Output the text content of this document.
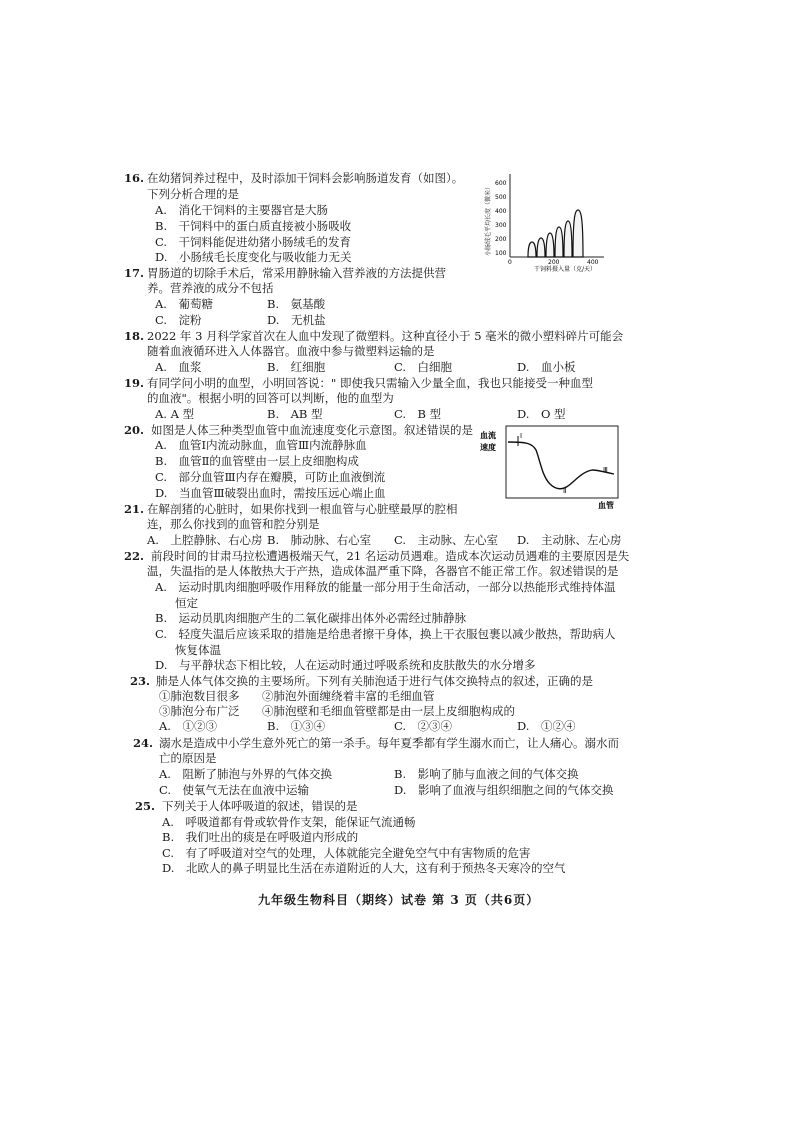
16. 在幼猪饲养过程中，及时添加干饲料会影响肠道发育（如图）。
下列分析合理的是
A.　消化干饲料的主要器官是大肠
B.　干饲料中的蛋白质直接被小肠吸收
C.　干饲料能促进幼猪小肠绒毛的发育
D.　小肠绒毛长度变化与吸收能力无关
小肠绒毛平均长度（微米）
600
500
400
300
200
100
0	200	400
干饲料摄入量（克/天）
17. 胃肠道的切除手术后，常采用静脉输入营养液的方法提供营
养。营养液的成分不包括
A.　葡萄糖	B.　氨基酸
C.　淀粉	D.　无机盐
18. 2022 年 3 月科学家首次在人血中发现了微塑料。这种直径小于 5 毫米的微小塑料碎片可能会
随着血液循环进入人体器官。血液中参与微塑料运输的是
A.　血浆	B.　红细胞	C.　白细胞	D.　血小板
19. 有同学问小明的血型，小明回答说：" 即使我只需输入少量全血，我也只能接受一种血型
的血液"。根据小明的回答可以判断，他的血型为
A. A 型	B.　AB 型	C.　B 型	D.　O 型
20. 如图是人体三种类型血管中血流速度变化示意图。叙述错误的是
A.　血管Ⅰ内流动脉血，血管Ⅲ内流静脉血
B.　血管Ⅱ的血管壁由一层上皮细胞构成
C.　部分血管Ⅲ内存在瓣膜，可防止血液倒流
D.　当血管Ⅲ破裂出血时，需按压远心端止血
血流
速度
Ⅰ
Ⅱ
Ⅲ
血管
21. 在解剖猪的心脏时，如果你找到一根血管与心脏壁最厚的腔相
连，那么你找到的血管和腔分别是
A.　上腔静脉、右心房 B.　肺动脉、右心室 C.　主动脉、左心室 D.　主动脉、左心房
22. 前段时间的甘肃马拉松遭遇极端天气，21 名运动员遇难。造成本次运动员遇难的主要原因是失
温，失温指的是人体散热大于产热，造成体温严重下降，各器官不能正常工作。叙述错误的是
A.　运动时肌肉细胞呼吸作用释放的能量一部分用于生命活动，一部分以热能形式维持体温
恒定
B.　运动员肌肉细胞产生的二氧化碳排出体外必需经过肺静脉
C.　轻度失温后应该采取的措施是给患者擦干身体，换上干衣服包裹以减少散热，帮助病人
恢复体温
D.　与平静状态下相比较，人在运动时通过呼吸系统和皮肤散失的水分增多
23. 肺是人体气体交换的主要场所。下列有关肺泡适于进行气体交换特点的叙述，正确的是
①肺泡数目很多 ②肺泡外面缠绕着丰富的毛细血管
③肺泡分布广泛 ④肺泡壁和毛细血管壁都是由一层上皮细胞构成的
A.　①②③	B.　①③④	C.　②③④	D.　①②④
24. 溺水是造成中小学生意外死亡的第一杀手。每年夏季都有学生溺水而亡，让人痛心。溺水而
亡的原因是
A.　阻断了肺泡与外界的气体交换	B.　影响了肺与血液之间的气体交换
C.　使氧气无法在血液中运输	D.　影响了血液与组织细胞之间的气体交换
25. 下列关于人体呼吸道的叙述，错误的是
A.　呼吸道都有骨或软骨作支架，能保证气流通畅
B.　我们吐出的痰是在呼吸道内形成的
C.　有了呼吸道对空气的处理，人体就能完全避免空气中有害物质的危害
D.　北欧人的鼻子明显比生活在赤道附近的人大，这有利于预热冬天寒冷的空气
九年级生物科目（期终）试卷 第 3 页（共6页）
